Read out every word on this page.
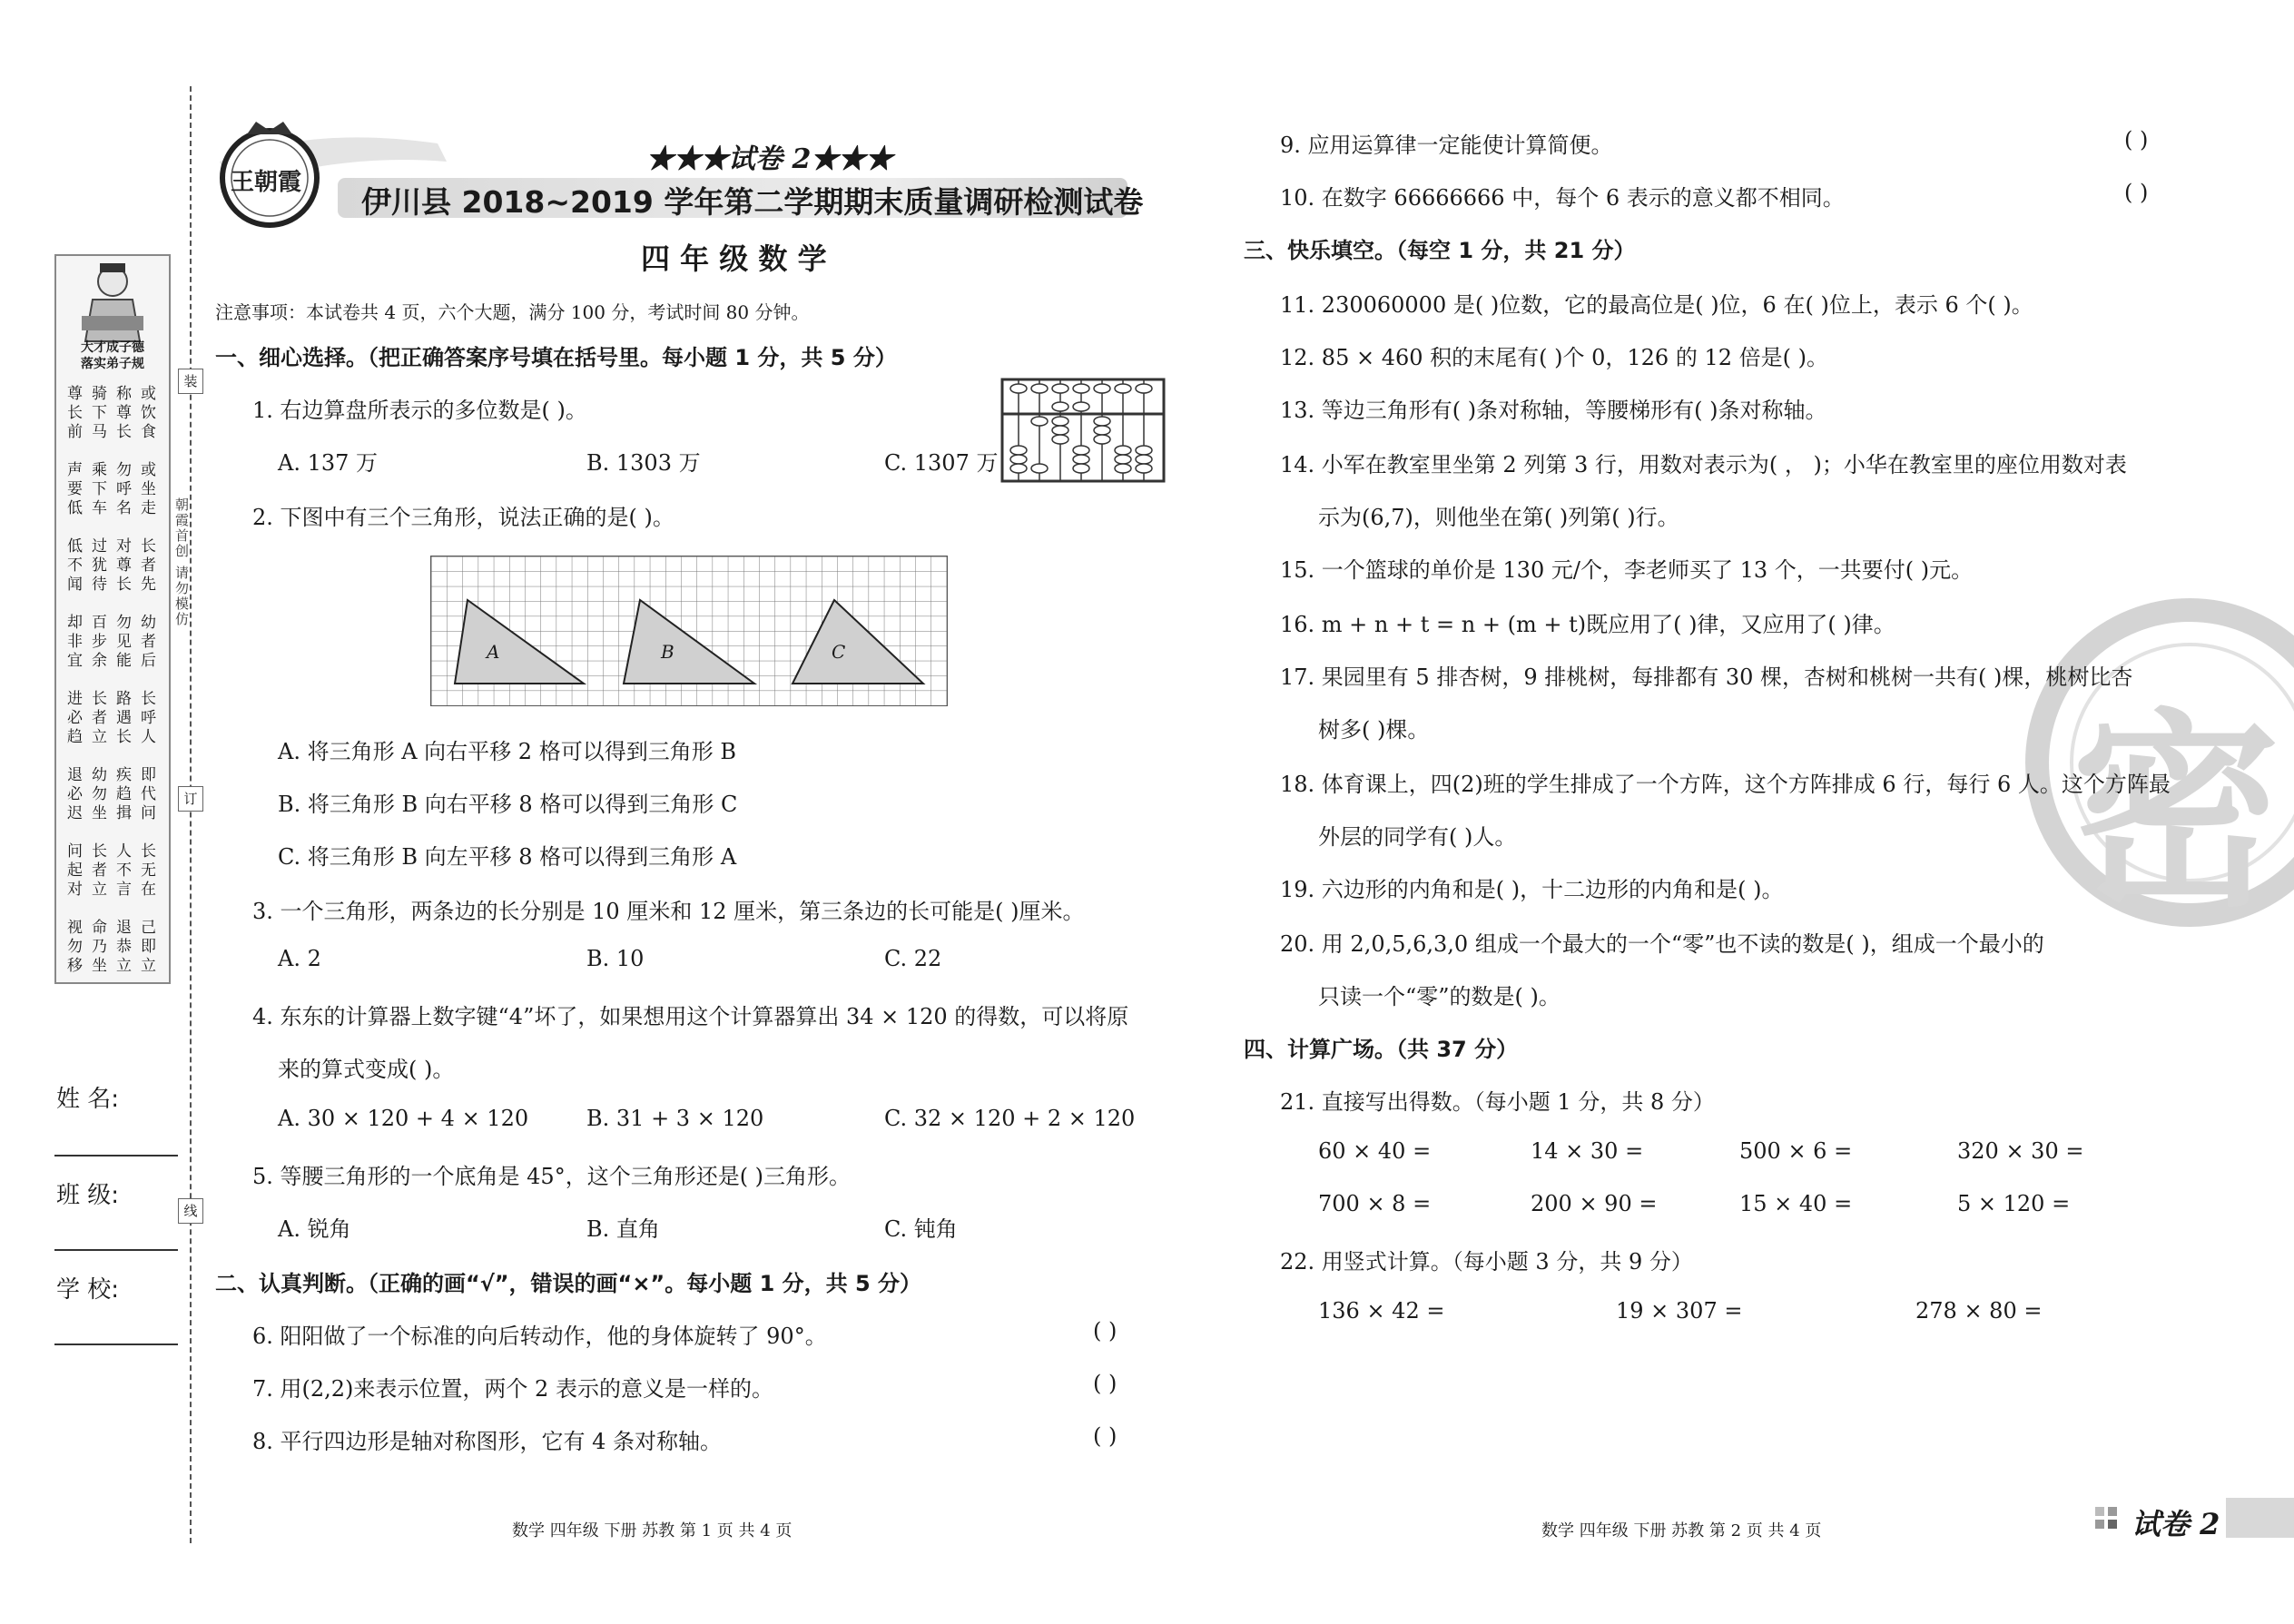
装
订
线
朝霞首创 请勿模仿
大才成子德
落实弟子规
尊 骑 称 或
长 下 尊 饮
前 马 长 食

声 乘 勿 或
要 下 呼 坐
低 车 名 走

低 过 对 长
不 犹 尊 者
闻 待 长 先

却 百 勿 幼
非 步 见 者
宜 余 能 后

进 长 路 长
必 者 遇 呼
趋 立 长 人

退 幼 疾 即
必 勿 趋 代
迟 坐 揖 问

问 长 人 长
起 者 不 无
对 立 言 在

视 命 退 己
勿 乃 恭 即
移 坐 立 立
姓 名:
班 级:
学 校:
王朝霞
★★★试卷 2★★★
伊川县 2018~2019 学年第二学期期末质量调研检测试卷
四 年 级 数 学
注意事项：本试卷共 4 页，六个大题，满分 100 分，考试时间 80 分钟。
一、细心选择。（把正确答案序号填在括号里。每小题 1 分，共 5 分）
1. 右边算盘所表示的多位数是( )。
A. 137 万	B. 1303 万	C. 1307 万
2. 下图中有三个三角形，说法正确的是( )。
A	B	C
A. 将三角形 A 向右平移 2 格可以得到三角形 B
B. 将三角形 B 向右平移 8 格可以得到三角形 C
C. 将三角形 B 向左平移 8 格可以得到三角形 A
3. 一个三角形，两条边的长分别是 10 厘米和 12 厘米，第三条边的长可能是( )厘米。
A. 2	B. 10	C. 22
4. 东东的计算器上数字键“4”坏了，如果想用这个计算器算出 34 × 120 的得数，可以将原
来的算式变成( )。
A. 30 × 120 + 4 × 120	B. 31 + 3 × 120	C. 32 × 120 + 2 × 120
5. 等腰三角形的一个底角是 45°，这个三角形还是( )三角形。
A. 锐角	B. 直角	C. 钝角
二、认真判断。（正确的画“√”，错误的画“×”。每小题 1 分，共 5 分）
6. 阳阳做了一个标准的向后转动作，他的身体旋转了 90°。	( )
7. 用(2,2)来表示位置，两个 2 表示的意义是一样的。	( )
8. 平行四边形是轴对称图形，它有 4 条对称轴。	( )
数学 四年级 下册 苏教 第 1 页 共 4 页
密
9. 应用运算律一定能使计算简便。	( )
10. 在数字 66666666 中，每个 6 表示的意义都不相同。	( )
三、快乐填空。（每空 1 分，共 21 分）
11. 230060000 是( )位数，它的最高位是( )位，6 在( )位上，表示 6 个( )。
12. 85 × 460 积的末尾有( )个 0，126 的 12 倍是( )。
13. 等边三角形有( )条对称轴，等腰梯形有( )条对称轴。
14. 小军在教室里坐第 2 列第 3 行，用数对表示为( ， )；小华在教室里的座位用数对表
示为(6,7)，则他坐在第( )列第( )行。
15. 一个篮球的单价是 130 元/个，李老师买了 13 个，一共要付( )元。
16. m + n + t = n + (m + t)既应用了( )律，又应用了( )律。
17. 果园里有 5 排杏树，9 排桃树，每排都有 30 棵，杏树和桃树一共有( )棵，桃树比杏
树多( )棵。
18. 体育课上，四(2)班的学生排成了一个方阵，这个方阵排成 6 行，每行 6 人。这个方阵最
外层的同学有( )人。
19. 六边形的内角和是( )，十二边形的内角和是( )。
20. 用 2,0,5,6,3,0 组成一个最大的一个“零”也不读的数是( )，组成一个最小的
只读一个“零”的数是( )。
四、计算广场。（共 37 分）
21. 直接写出得数。（每小题 1 分，共 8 分）
60 × 40 =	14 × 30 =	500 × 6 =	320 × 30 =
700 × 8 =	200 × 90 =	15 × 40 =	5 × 120 =
22. 用竖式计算。（每小题 3 分，共 9 分）
136 × 42 =	19 × 307 =	278 × 80 =
数学 四年级 下册 苏教 第 2 页 共 4 页	试卷 2
